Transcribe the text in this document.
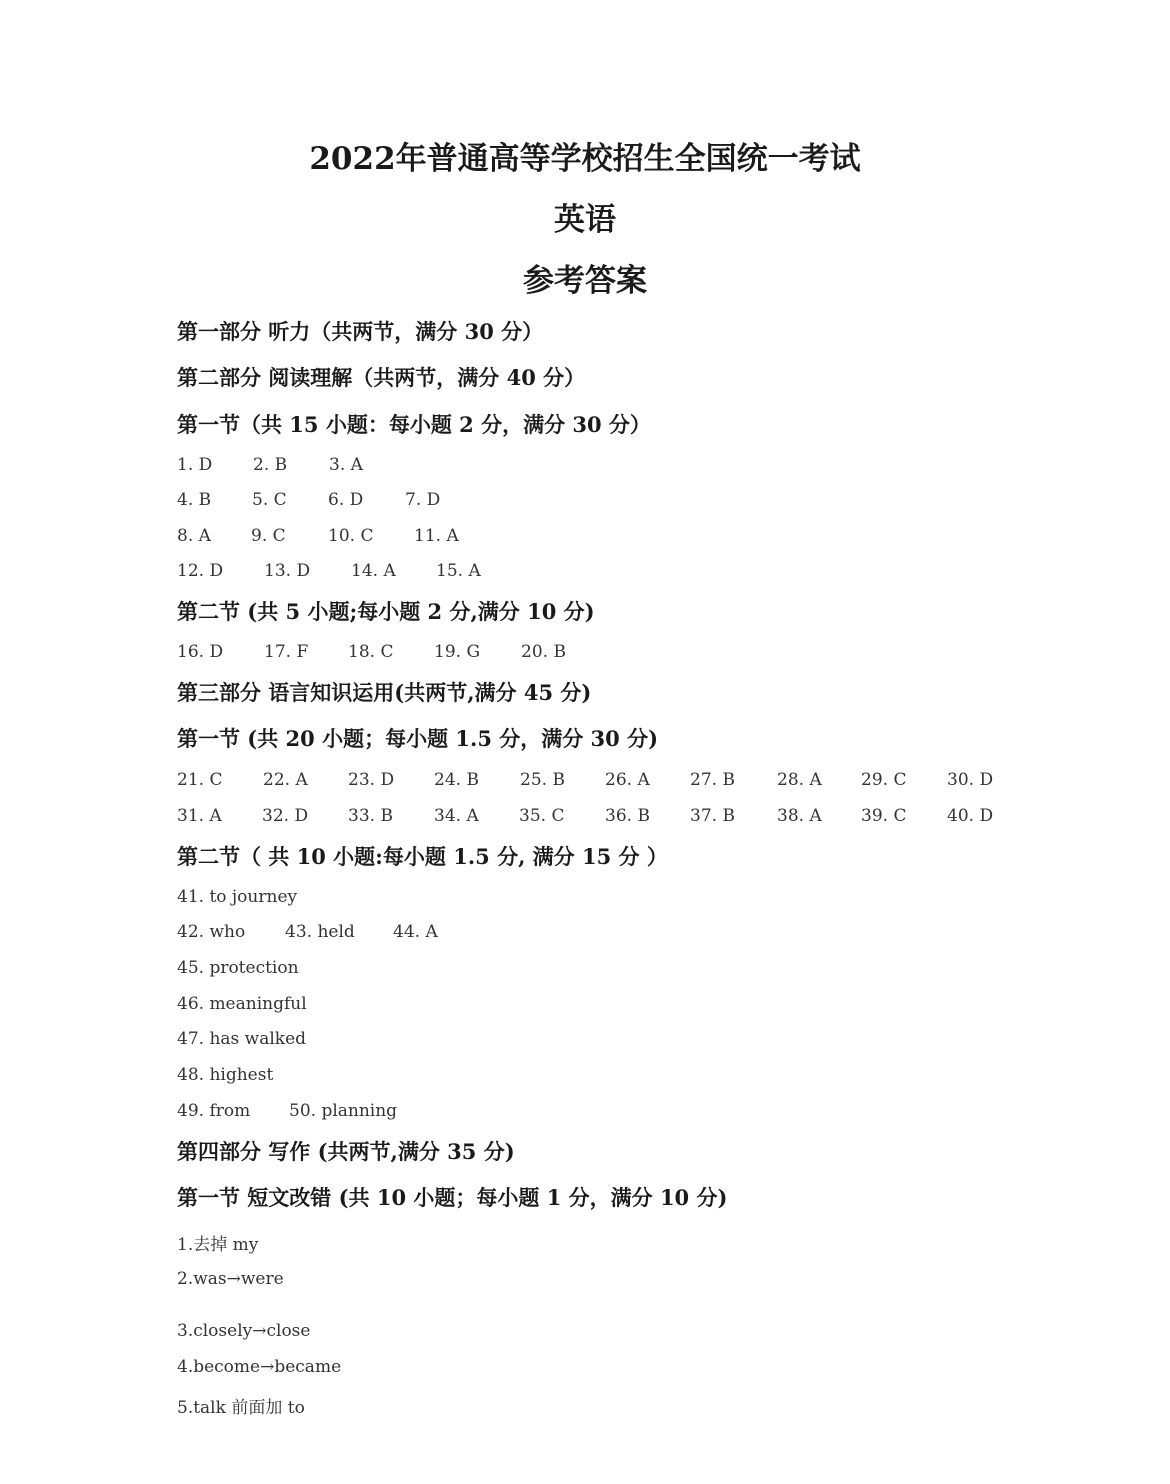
2022年普通高等学校招生全国统一考试
英语
参考答案
第一部分 听力（共两节，满分 30 分）
第二部分 阅读理解（共两节，满分 40 分）
第一节（共 15 小题：每小题 2 分，满分 30 分）
1. D 2. B 3. A
4. B 5. C 6. D 7. D
8. A 9. C 10. C 11. A
12. D 13. D 14. A 15. A
第二节 (共 5 小题;每小题 2 分,满分 10 分)
16. D 17. F 18. C 19. G 20. B
第三部分 语言知识运用(共两节,满分 45 分)
第一节 (共 20 小题；每小题 1.5 分，满分 30 分)
21. C 22. A 23. D 24. B 25. B 26. A 27. B 28. A 29. C 30. D
31. A 32. D 33. B 34. A 35. C 36. B 37. B 38. A 39. C 40. D
第二节（ 共 10 小题:每小题 1.5 分, 满分 15 分 ）
41. to journey
42. who 43. held 44. A
45. protection
46. meaningful
47. has walked
48. highest
49. from 50. planning
第四部分 写作 (共两节,满分 35 分)
第一节 短文改错 (共 10 小题；每小题 1 分，满分 10 分)
1.去掉 my
2.was→were
3.closely→close
4.become→became
5.talk 前面加 to
